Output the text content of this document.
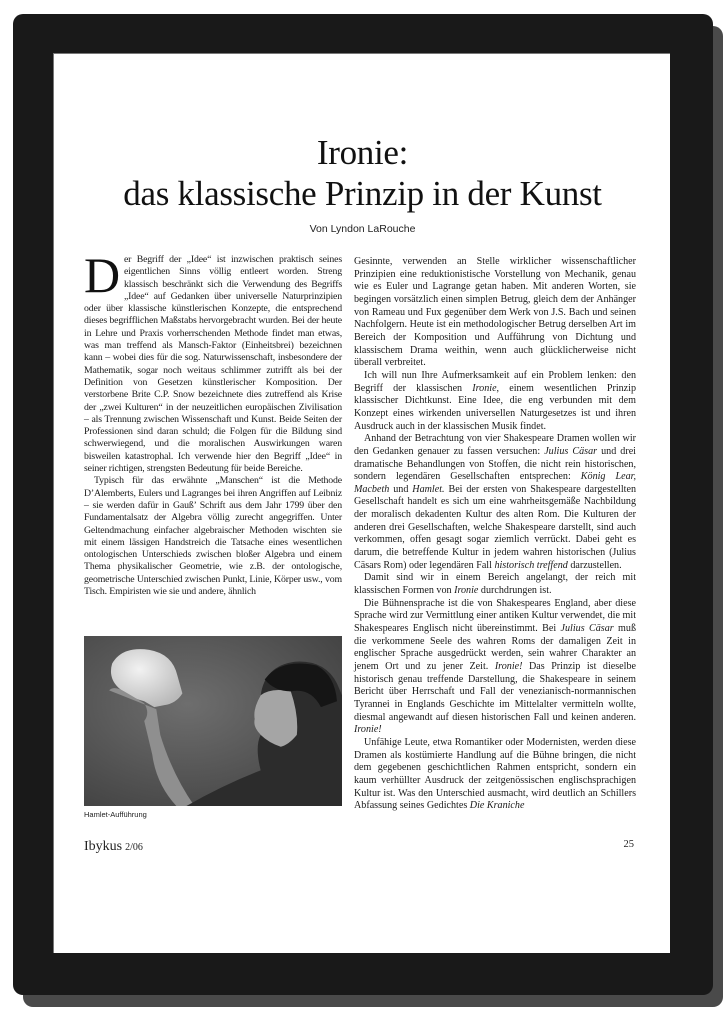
Ironie:
das klassische Prinzip in der Kunst
Von Lyndon LaRouche

Der Begriff der „Idee“ ist inzwischen praktisch seines eigentlichen Sinns völlig entleert worden. Streng klassisch beschränkt sich die Verwendung des Begriffs „Idee“ auf Gedanken über universelle Naturprinzipien oder über klassische künstlerischen Konzepte, die entsprechend dieses begrifflichen Maßstabs hervorgebracht wurden. Bei der heute in Lehre und Praxis vorherrschenden Methode findet man etwas, was man treffend als Mansch-Faktor (Einheitsbrei) bezeichnen kann – wobei dies für die sog. Naturwissenschaft, insbesondere der Mathematik, sogar noch weitaus schlimmer zutrifft als bei der Definition von Gesetzen künstlerischer Komposition. Der verstorbene Brite C.P. Snow bezeichnete dies zutreffend als Krise der „zwei Kulturen“ in der neuzeitlichen europäischen Zivilisation – als Trennung zwischen Wissenschaft und Kunst. Beide Seiten der Professionen sind daran schuld; die Folgen für die Bildung sind schwerwiegend, und die moralischen Auswirkungen waren bisweilen katastrophal. Ich verwende hier den Begriff „Idee“ in seiner richtigen, strengsten Bedeutung für beide Bereiche.

Typisch für das erwähnte „Manschen“ ist die Methode D’Alemberts, Eulers und Lagranges bei ihren Angriffen auf Leibniz – sie werden dafür in Gauß’ Schrift aus dem Jahr 1799 über den Fundamentalsatz der Algebra völlig zurecht angegriffen. Unter Geltendmachung einfacher algebraischer Methoden wischten sie mit einem lässigen Handstreich die Tatsache eines wesentlichen ontologischen Unterschieds zwischen bloßer Algebra und einem Thema physikalischer Geometrie, wie z.B. der ontologische, geometrische Unterschied zwischen Punkt, Linie, Körper usw., vom Tisch. Empiristen wie sie und andere, ähnlich

Hamlet-Aufführung

Gesinnte, verwenden an Stelle wirklicher wissenschaftlicher Prinzipien eine reduktionistische Vorstellung von Mechanik, genau wie es Euler und Lagrange getan haben. Mit anderen Worten, sie begingen vorsätzlich einen simplen Betrug, gleich dem der Anhänger von Rameau und Fux gegenüber dem Werk von J.S. Bach und seinen Nachfolgern. Heute ist ein methodologischer Betrug derselben Art im Bereich der Komposition und Aufführung von Dichtung und klassischem Drama weithin, wenn auch glücklicherweise nicht überall verbreitet.

Ich will nun Ihre Aufmerksamkeit auf ein Problem lenken: den Begriff der klassischen Ironie, einem wesentlichen Prinzip klassischer Dichtkunst. Eine Idee, die eng verbunden mit dem Konzept eines wirkenden universellen Naturgesetzes ist und ihren Ausdruck auch in der klassischen Musik findet.

Anhand der Betrachtung von vier Shakespeare Dramen wollen wir den Gedanken genauer zu fassen versuchen: Julius Cäsar und drei dramatische Behandlungen von Stoffen, die nicht rein historischen, sondern legendären Gesellschaften entsprechen: König Lear, Macbeth und Hamlet. Bei der ersten von Shakespeare dargestellten Gesellschaft handelt es sich um eine wahrheitsgemäße Nachbildung der moralisch dekadenten Kultur des alten Rom. Die Kulturen der anderen drei Gesellschaften, welche Shakespeare darstellt, sind auch verkommen, offen gesagt sogar ziemlich verrückt. Dabei geht es darum, die betreffende Kultur in jedem wahren historischen (Julius Cäsars Rom) oder legendären Fall historisch treffend darzustellen.

Damit sind wir in einem Bereich angelangt, der reich mit klassischen Formen von Ironie durchdrungen ist.

Die Bühnensprache ist die von Shakespeares England, aber diese Sprache wird zur Vermittlung einer antiken Kultur verwendet, die mit Shakespeares Englisch nicht übereinstimmt. Bei Julius Cäsar muß die verkommene Seele des wahren Roms der damaligen Zeit in englischer Sprache ausgedrückt werden, sein wahrer Charakter an jenem Ort und zu jener Zeit. Ironie! Das Prinzip ist dieselbe historisch genau treffende Darstellung, die Shakespeare in seinem Bericht über Herrschaft und Fall der venezianisch-normannischen Tyrannei in Englands Geschichte im Mittelalter vermitteln wollte, diesmal angewandt auf diesen historischen Fall und keinen anderen. Ironie!

Unfähige Leute, etwa Romantiker oder Modernisten, werden diese Dramen als kostümierte Handlung auf die Bühne bringen, die nicht dem gegebenen geschichtlichen Rahmen entspricht, sondern ein kaum verhüllter Ausdruck der zeitgenössischen englischsprachigen Kultur ist. Was den Unterschied ausmacht, wird deutlich an Schillers Abfassung seines Gedichtes Die Kraniche

Ibykus 2/06	25
